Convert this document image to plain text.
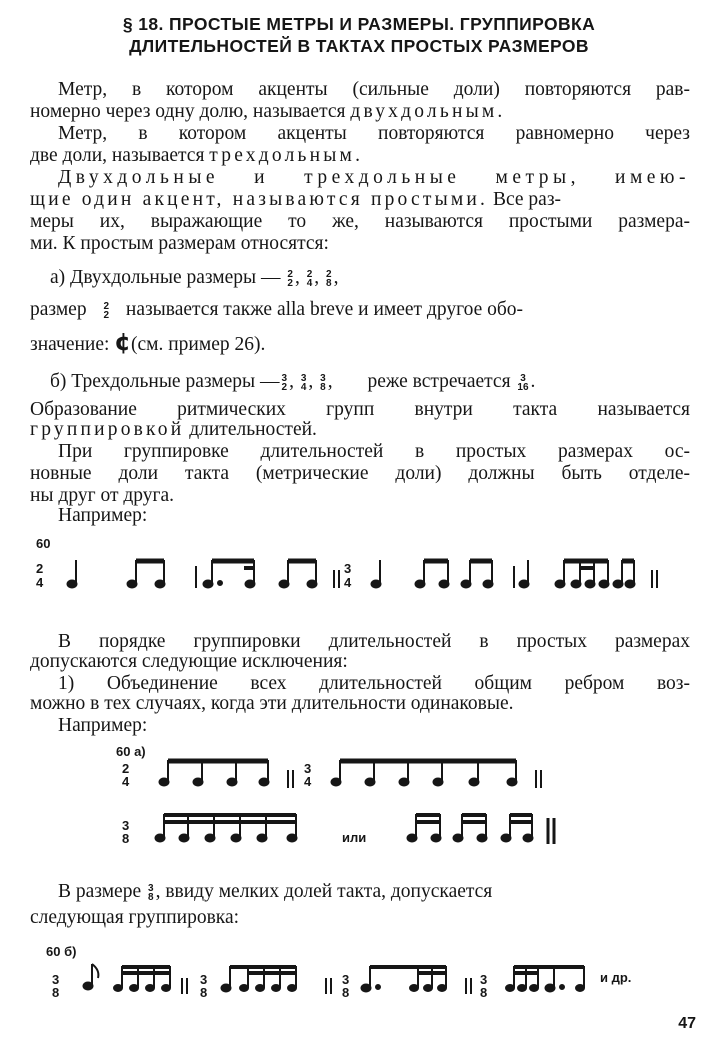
§ 18. ПРОСТЫЕ МЕТРЫ И РАЗМЕРЫ. ГРУППИРОВКА
ДЛИТЕЛЬНОСТЕЙ В ТАКТАХ ПРОСТЫХ РАЗМЕРОВ
Метр, в котором акценты (сильные доли) повторяются рав-
номерно через одну долю, называется двухдольным.
Метр, в котором акценты повторяются равномерно через
две доли, называется трехдольным.
Двухдольные и трехдольные метры, имею-
щие один акцент, называются простыми. Все раз-
меры их, выражающие то же, называются простыми размера-
ми. К простым размерам относятся:
а) Двухдольные размеры — 2
2 , 2
4 , 2
8 ,
размер 2
2 называется также alla breve и имеет другое обо-
значение: ¢(см. пример 26).
б) Трехдольные размеры — 3
2 , 3
4 , 3
8 , реже встречается 3
16 .
Образование ритмических групп внутри такта называется
группировкой длительностей.
При группировке длительностей в простых размерах ос-
новные доли такта (метрические доли) должны быть отделе-
ны друг от друга.
Например:
60
2
4
3
4
В порядке группировки длительностей в простых размерах
допускаются следующие исключения:
1) Объединение всех длительностей общим ребром воз-
можно в тех случаях, когда эти длительности одинаковые.
Например:
60 а)
2
4
3
4
3
8	или
В размере 3
8 , ввиду мелких долей такта, допускается
следующая группировка:
60 б)
3
8
3
8
3
8
3
8
и др.
47
